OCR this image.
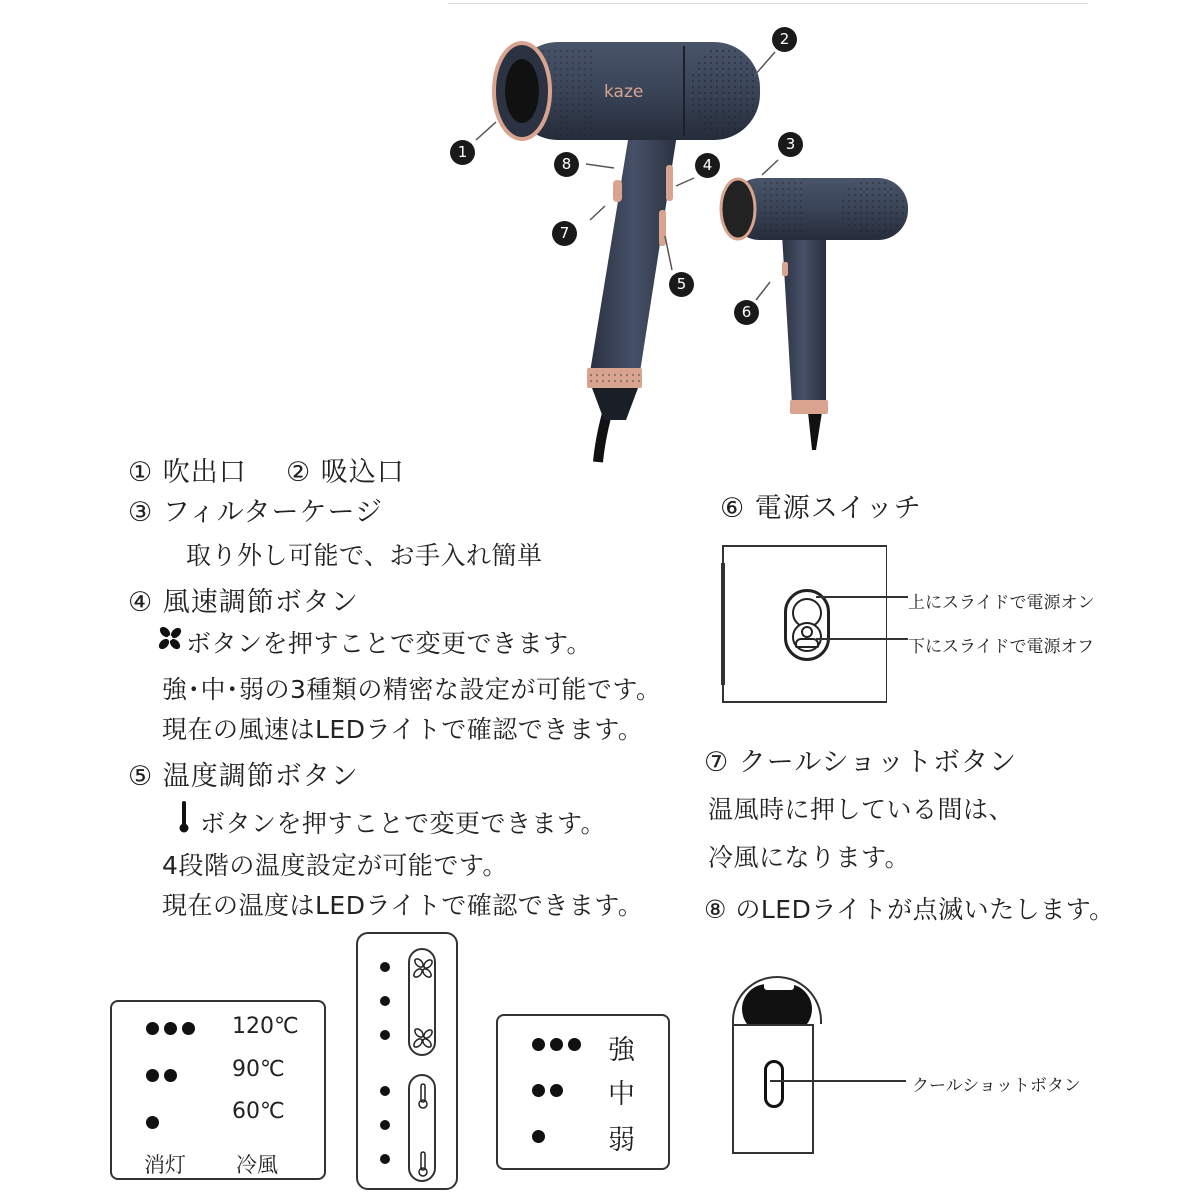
kaze
1
2
3
4
5
6
7
8
① 吹出口 ② 吸込口
③ フィルターケージ
取り外し可能で、お手入れ簡単
④ 風速調節ボタン
ボタンを押すことで変更できます。
強･中･弱の3種類の精密な設定が可能です。
現在の風速はLEDライトで確認できます。
⑤ 温度調節ボタン
ボタンを押すことで変更できます。
4段階の温度設定が可能です。
現在の温度はLEDライトで確認できます。
⑥ 電源スイッチ
上にスライドで電源オン
下にスライドで電源オフ
⑦ クールショットボタン
温風時に押している間は、
冷風になります。
⑧ のLEDライトが点滅いたします。
120℃
90℃
60℃
消灯 冷風
強
中
弱
クールショットボタン
